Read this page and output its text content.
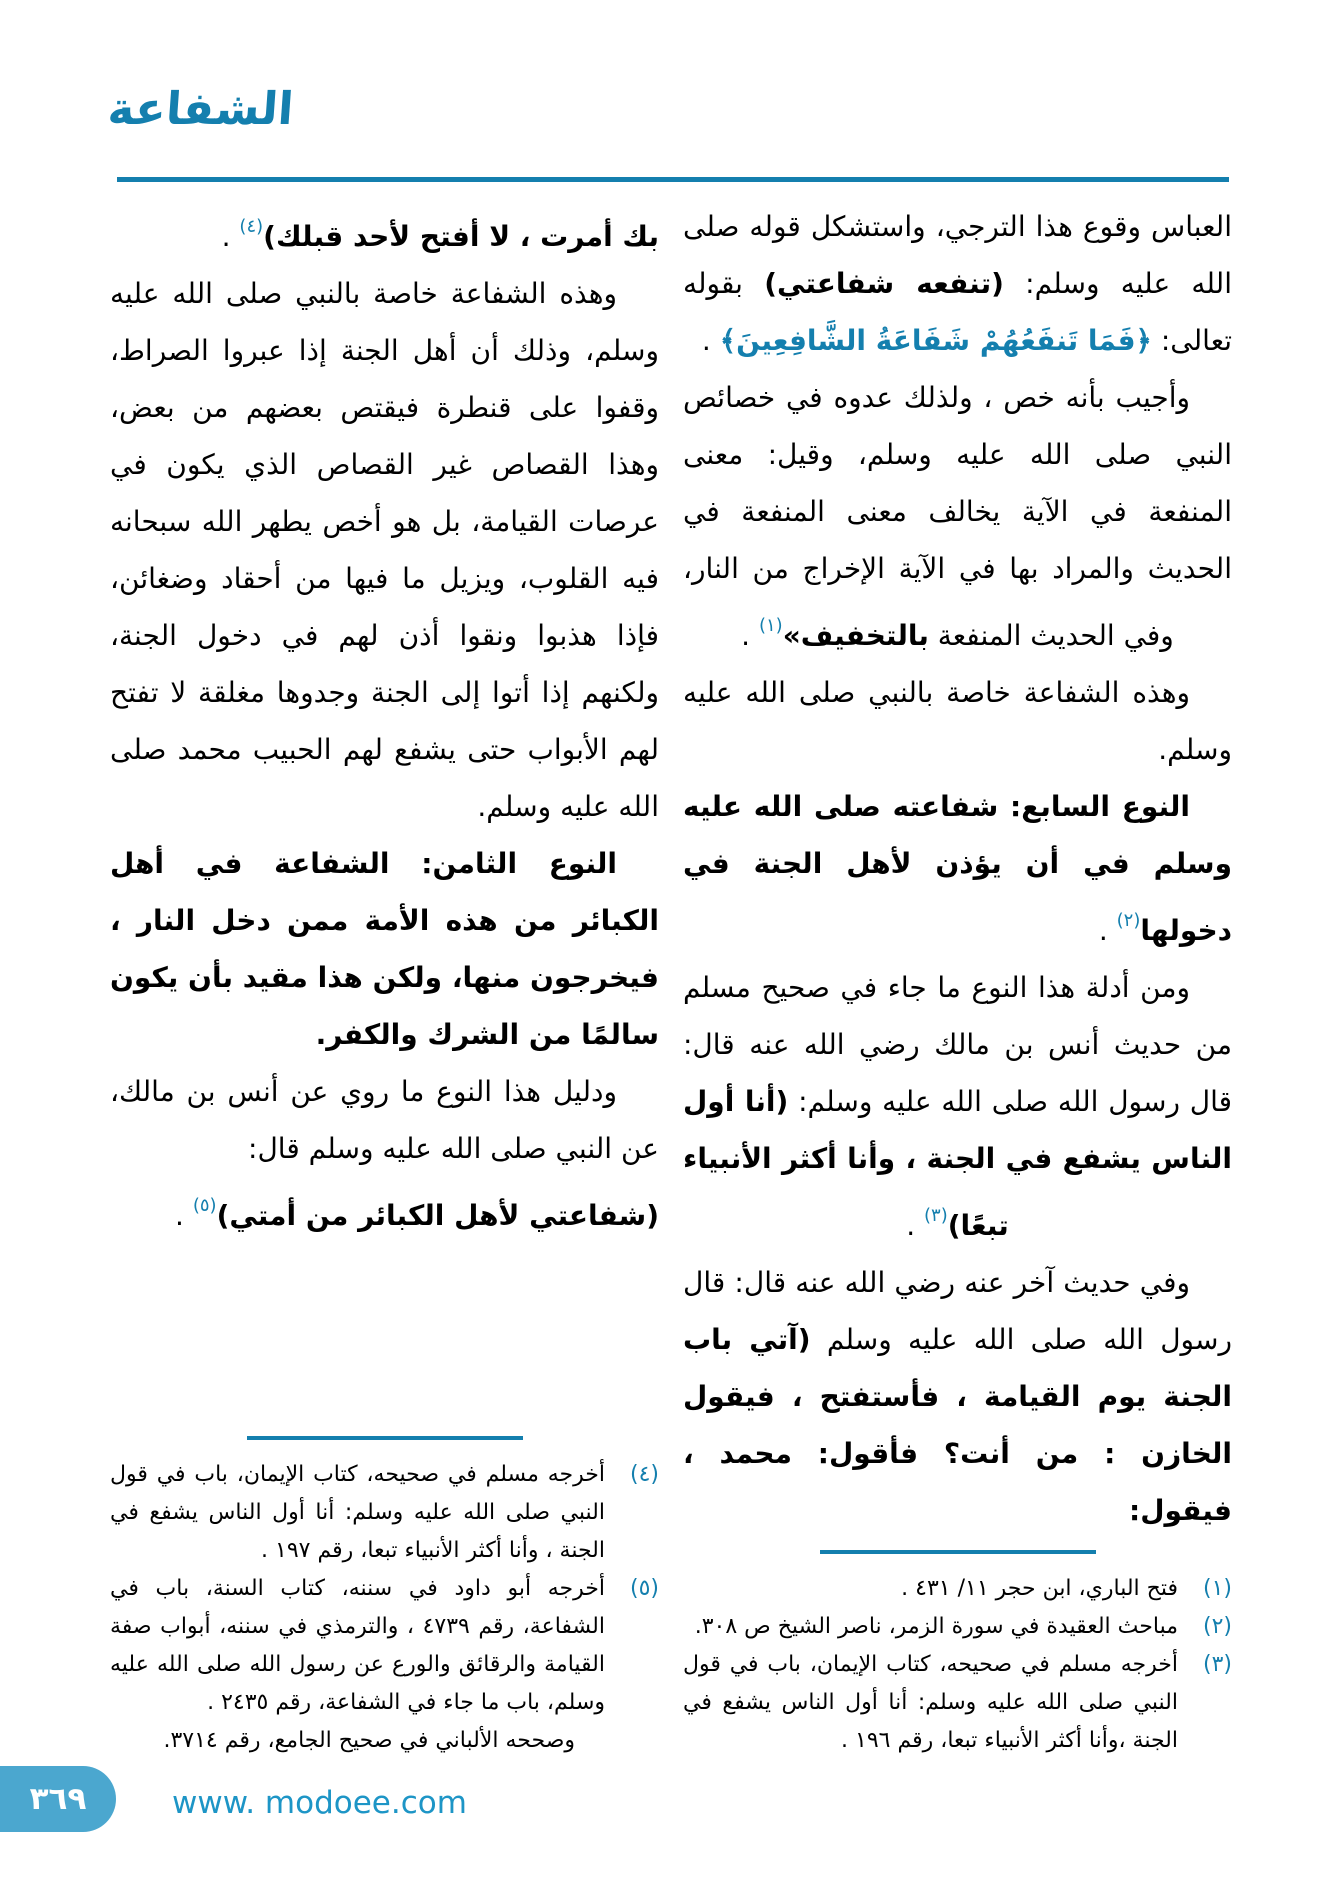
الشفاعة

العباس وقوع هذا الترجي، واستشكل قوله صلى الله عليه وسلم: (تنفعه شفاعتي) بقوله تعالى: ﴿فَمَا تَنفَعُهُمْ شَفَاعَةُ الشَّافِعِينَ﴾ .

وأجيب بأنه خص ، ولذلك عدوه في خصائص النبي صلى الله عليه وسلم، وقيل: معنى المنفعة في الآية يخالف معنى المنفعة في الحديث والمراد بها في الآية الإخراج من النار، وفي الحديث المنفعة بالتخفيف»$^{(١)}$ .

وهذه الشفاعة خاصة بالنبي صلى الله عليه وسلم.

النوع السابع: شفاعته صلى الله عليه وسلم في أن يؤذن لأهل الجنة في دخولها$^{(٢)}$ .

ومن أدلة هذا النوع ما جاء في صحيح مسلم من حديث أنس بن مالك رضي الله عنه قال: قال رسول الله صلى الله عليه وسلم: (أنا أول الناس يشفع في الجنة ، وأنا أكثر الأنبياء تبعًا)$^{(٣)}$ .

وفي حديث آخر عنه رضي الله عنه قال: قال رسول الله صلى الله عليه وسلم (آتي باب الجنة يوم القيامة ، فأستفتح ، فيقول الخازن : من أنت؟ فأقول: محمد ، فيقول:

(١)
فتح الباري، ابن حجر ١١/ ٤٣١ .
(٢)
مباحث العقيدة في سورة الزمر، ناصر الشيخ ص ٣٠٨.
(٣)
أخرجه مسلم في صحيحه، كتاب الإيمان، باب في قول النبي صلى الله عليه وسلم: أنا أول الناس يشفع في الجنة ،وأنا أكثر الأنبياء تبعا، رقم ١٩٦ .

بك أمرت ، لا أفتح لأحد قبلك)$^{(٤)}$ .

وهذه الشفاعة خاصة بالنبي صلى الله عليه وسلم، وذلك أن أهل الجنة إذا عبروا الصراط، وقفوا على قنطرة فيقتص بعضهم من بعض، وهذا القصاص غير القصاص الذي يكون في عرصات القيامة، بل هو أخص يطهر الله سبحانه فيه القلوب، ويزيل ما فيها من أحقاد وضغائن، فإذا هذبوا ونقوا أذن لهم في دخول الجنة، ولكنهم إذا أتوا إلى الجنة وجدوها مغلقة لا تفتح لهم الأبواب حتى يشفع لهم الحبيب محمد صلى الله عليه وسلم.

النوع الثامن: الشفاعة في أهل الكبائر من هذه الأمة ممن دخل النار ، فيخرجون منها، ولكن هذا مقيد بأن يكون سالمًا من الشرك والكفر.

ودليل هذا النوع ما روي عن أنس بن مالك، عن النبي صلى الله عليه وسلم قال:

(شفاعتي لأهل الكبائر من أمتي)$^{(٥)}$ .

(٤)
أخرجه مسلم في صحيحه، كتاب الإيمان، باب في قول النبي صلى الله عليه وسلم: أنا أول الناس يشفع في الجنة ، وأنا أكثر الأنبياء تبعا، رقم ١٩٧ .
(٥)
أخرجه أبو داود في سننه، كتاب السنة، باب في الشفاعة، رقم ٤٧٣٩ ، والترمذي في سننه، أبواب صفة القيامة والرقائق والورع عن رسول الله صلى الله عليه وسلم، باب ما جاء في الشفاعة، رقم ٢٤٣٥ .
وصححه الألباني في صحيح الجامع، رقم ٣٧١٤.
٣٦٩	www. modoee.com
